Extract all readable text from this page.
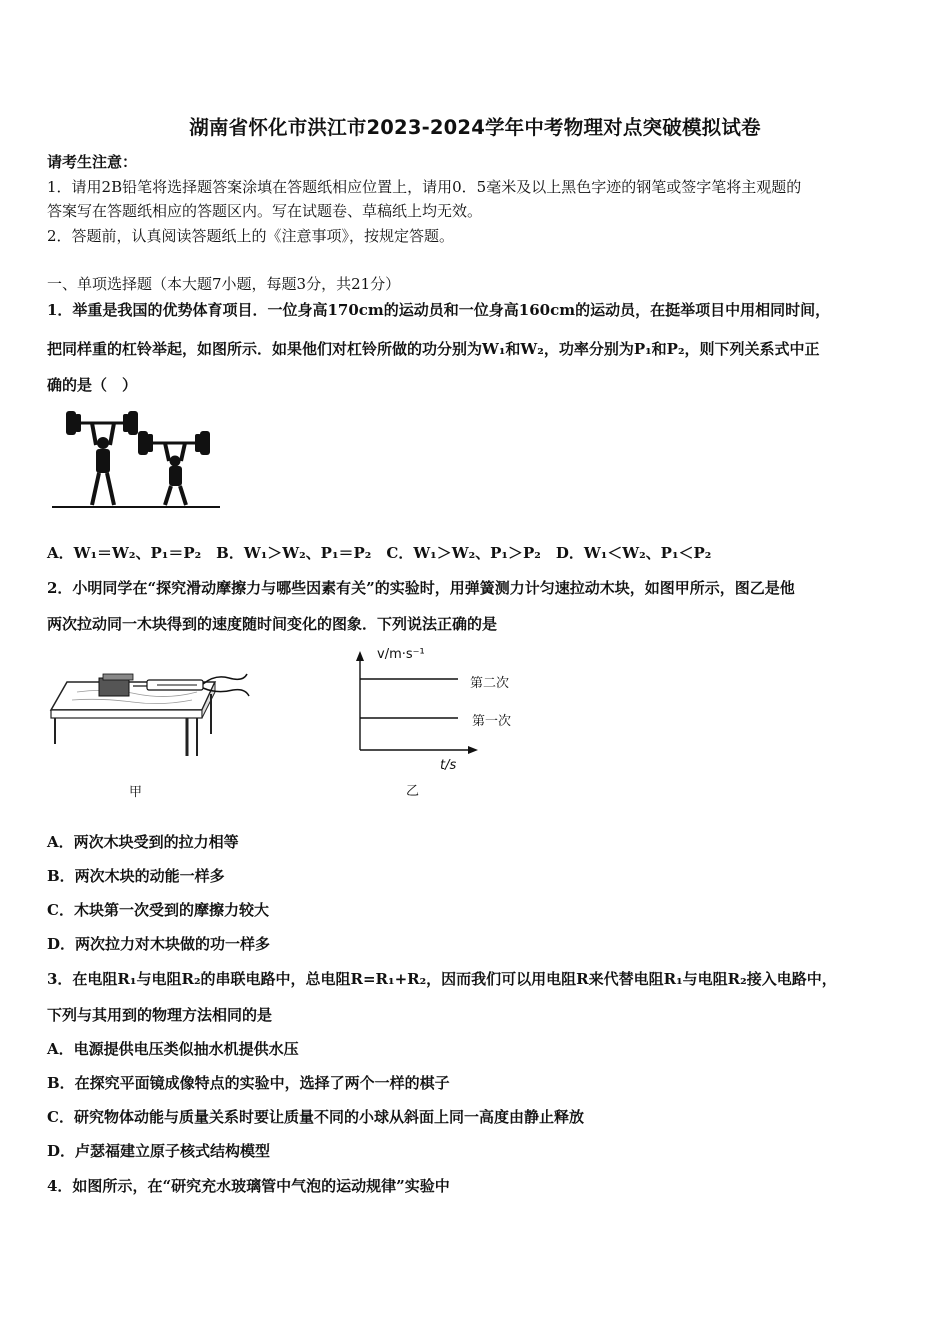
湖南省怀化市洪江市2023-2024学年中考物理对点突破模拟试卷
请考生注意：
1．请用2B铅笔将选择题答案涂填在答题纸相应位置上，请用0．5毫米及以上黑色字迹的钢笔或签字笔将主观题的
答案写在答题纸相应的答题区内。写在试题卷、草稿纸上均无效。
2．答题前，认真阅读答题纸上的《注意事项》，按规定答题。
一、单项选择题（本大题7小题，每题3分，共21分）
1．举重是我国的优势体育项目．一位身高170cm的运动员和一位身高160cm的运动员，在挺举项目中用相同时间，
把同样重的杠铃举起，如图所示．如果他们对杠铃所做的功分别为W₁和W₂，功率分别为P₁和P₂，则下列关系式中正
确的是（　）
A．W₁＝W₂、P₁＝P₂　B．W₁＞W₂、P₁＝P₂　C．W₁＞W₂、P₁＞P₂　D．W₁＜W₂、P₁＜P₂
2．小明同学在“探究滑动摩擦力与哪些因素有关”的实验时，用弹簧测力计匀速拉动木块，如图甲所示，图乙是他
两次拉动同一木块得到的速度随时间变化的图象．下列说法正确的是
甲
v/m·s⁻¹
第二次
第一次
t/s
乙
A．两次木块受到的拉力相等
B．两次木块的动能一样多
C．木块第一次受到的摩擦力较大
D．两次拉力对木块做的功一样多
3．在电阻R₁与电阻R₂的串联电路中，总电阻R=R₁+R₂，因而我们可以用电阻R来代替电阻R₁与电阻R₂接入电路中，
下列与其用到的物理方法相同的是
A．电源提供电压类似抽水机提供水压
B．在探究平面镜成像特点的实验中，选择了两个一样的棋子
C．研究物体动能与质量关系时要让质量不同的小球从斜面上同一高度由静止释放
D．卢瑟福建立原子核式结构模型
4．如图所示，在“研究充水玻璃管中气泡的运动规律”实验中
